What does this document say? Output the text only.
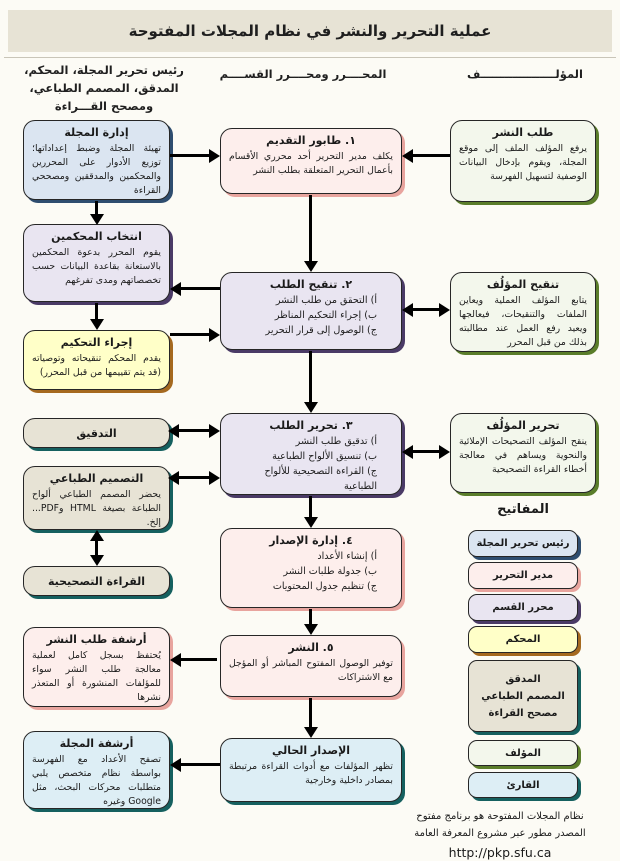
عملية التحرير والنشر في نظام المجلات المفتوحة
المؤلـــــــــــــــــــف
المحــــرر ومحــــرر القســــم
رئيس تحرير المجلة، المحكم، المدقق، المصمم الطباعي، ومصحح القـــراءة
طلب النشر
يرفع المؤلف الملف إلى موقع المجلة، ويقوم بإدخال البيانات الوصفية لتسهيل الفهرسة
تنقيح المؤلُف
يتابع المؤلف العملية ويعاين الملفات والتنقيحات، فيعالجها ويعيد رفع العمل عند مطالبته بذلك من قبل المحرر
تحرير المؤلُف
ينقح المؤلف التصحيحات الإملائية والنحوية ويساهم في معالجة أخطاء القراءة التصحيحية
١. طابور التقديم
يكلف مدير التحرير أحد محرري الأقسام بأعمال التحرير المتعلقة بطلب النشر
٢. تنقيح الطلب
أ) التحقق من طلب النشر
ب) إجراء التحكيم المناظر
ج) الوصول إلى قرار التحرير
٣. تحرير الطلب
أ) تدقيق طلب النشر
ب) تنسيق الألواح الطباعية
ج) القراءة التصحيحية للألواح الطباعية
٤. إدارة الإصدار
أ) إنشاء الأعداد
ب) جدولة طلبات النشر
ج) تنظيم جدول المحتويات
٥. النشر
توفير الوصول المفتوح المباشر أو المؤجل مع الاشتراكات
الإصدار الحالي
تظهر المؤلفات مع أدوات القراءة مرتبطة بمصادر داخلية وخارجية
إدارة المجلة
تهيئة المجلة وضبط إعداداتها؛ توزيع الأدوار على المحررين والمحكمين والمدققين ومصححي القراءة
انتخاب المحكمين
يقوم المحرر بدعوة المحكمين بالاستعانة بقاعدة البيانات حسب تخصصاتهم ومدى تفرغهم
إجراء التحكيم
يقدم المحكم تنقيحاته وتوصياته (قد يتم تقييمها من قبل المحرر)
التدقيق
التصميم الطباعي
يحضر المصمم الطباعي ألواح الطباعة بصيغة HTML وPDF... إلخ.
القراءة التصحيحية
أرشفة طلب النشر
يُحتفظ بسجل كامل لعملية معالجة طلب النشر سواء للمؤلفات المنشورة أو المتعذر نشرها
أرشفة المجلة
تصفح الأعداد مع الفهرسة بواسطة نظام متخصص يلبي متطلبات محركات البحث، مثل Google وغيره
المفاتيح
رئيس تحرير المجلة
مدير التحرير
محرر القسم
المحكم
المدقق
المصمم الطباعي
مصحح القراءة
المؤلف
القارئ
نظام المجلات المفتوحة هو برنامج مفتوح
المصدر مطور عبر مشروع المعرفة العامة
http://pkp.sfu.ca
